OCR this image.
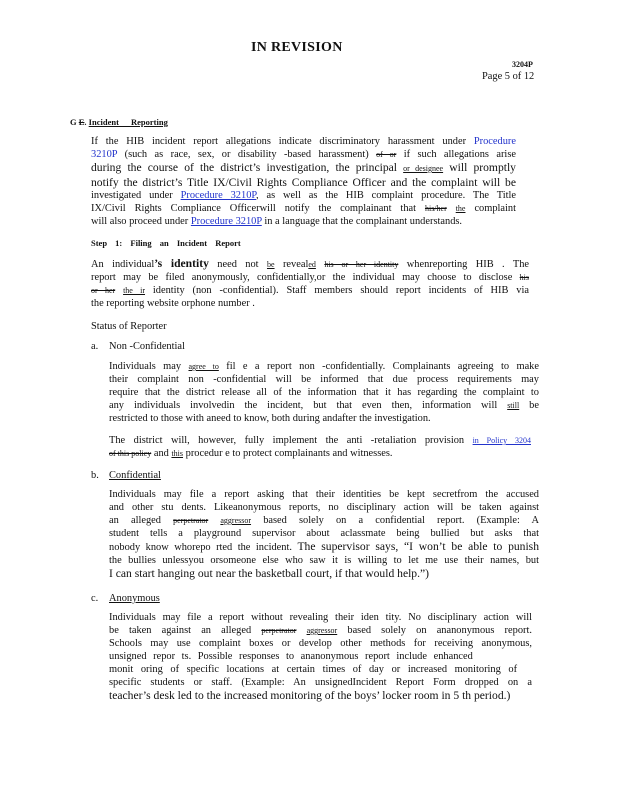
IN REVISION
3204P
Page 5 of 12
G E. Incident Reporting
If the HIB incident report allegations indicate discriminatory harassment under Procedure
3210P (such as race, sex, or disability -based harassment) of or if such allegations arise
during the course of the district’s investigation, the principal or designee will promptly
notify the district’s Title IX/Civil Rights Compliance Officer and the complaint will be
investigated under Procedure 3210P, as well as the HIB complaint procedure. The Title
IX/Civil Rights Compliance Officerwill notify the complainant that his/her the complaint
will also proceed under Procedure 3210P in a language that the complainant understands.
Step 1: Filing an Incident Report
An individual’s identity need not be revealed his or her identity whenreporting HIB . The
report may be filed anonymously, confidentially,or the individual may choose to disclose his
or her the ir identity (non -confidential). Staff members should report incidents of HIB via
the reporting website orphone number .
Status of Reporter
a. Non -Confidential
Individuals may agree to fil e a report non -confidentially. Complainants agreeing to make
their complaint non -confidential will be informed that due process requirements may
require that the district release all of the information that it has regarding the complaint to
any individuals involvedin the incident, but that even then, information will still be
restricted to those with aneed to know, both during andafter the investigation.
The district will, however, fully implement the anti -retaliation provision in Policy 3204
of this policy and this procedur e to protect complainants and witnesses.
b. Confidential
Individuals may file a report asking that their identities be kept secretfrom the accused
and other stu dents. Likeanonymous reports, no disciplinary action will be taken against
an alleged perpetrator aggressor based solely on a confidential report. (Example: A
student tells a playground supervisor about aclassmate being bullied but asks that
nobody know whorepo rted the incident. The supervisor says, “I won’t be able to punish
the bullies unlessyou orsomeone else who saw it is willing to let me use their names, but
I can start hanging out near the basketball court, if that would help.”)
c. Anonymous
Individuals may file a report without revealing their iden tity. No disciplinary action will
be taken against an alleged perpetrator aggressor based solely on ananonymous report.
Schools may use complaint boxes or develop other methods for receiving anonymous,
unsigned repor ts. Possible responses to ananonymous report include enhanced
monit oring of specific locations at certain times of day or increased monitoring of
specific students or staff. (Example: An unsignedIncident Report Form dropped on a
teacher’s desk led to the increased monitoring of the boys’ locker room in 5 th period.)
